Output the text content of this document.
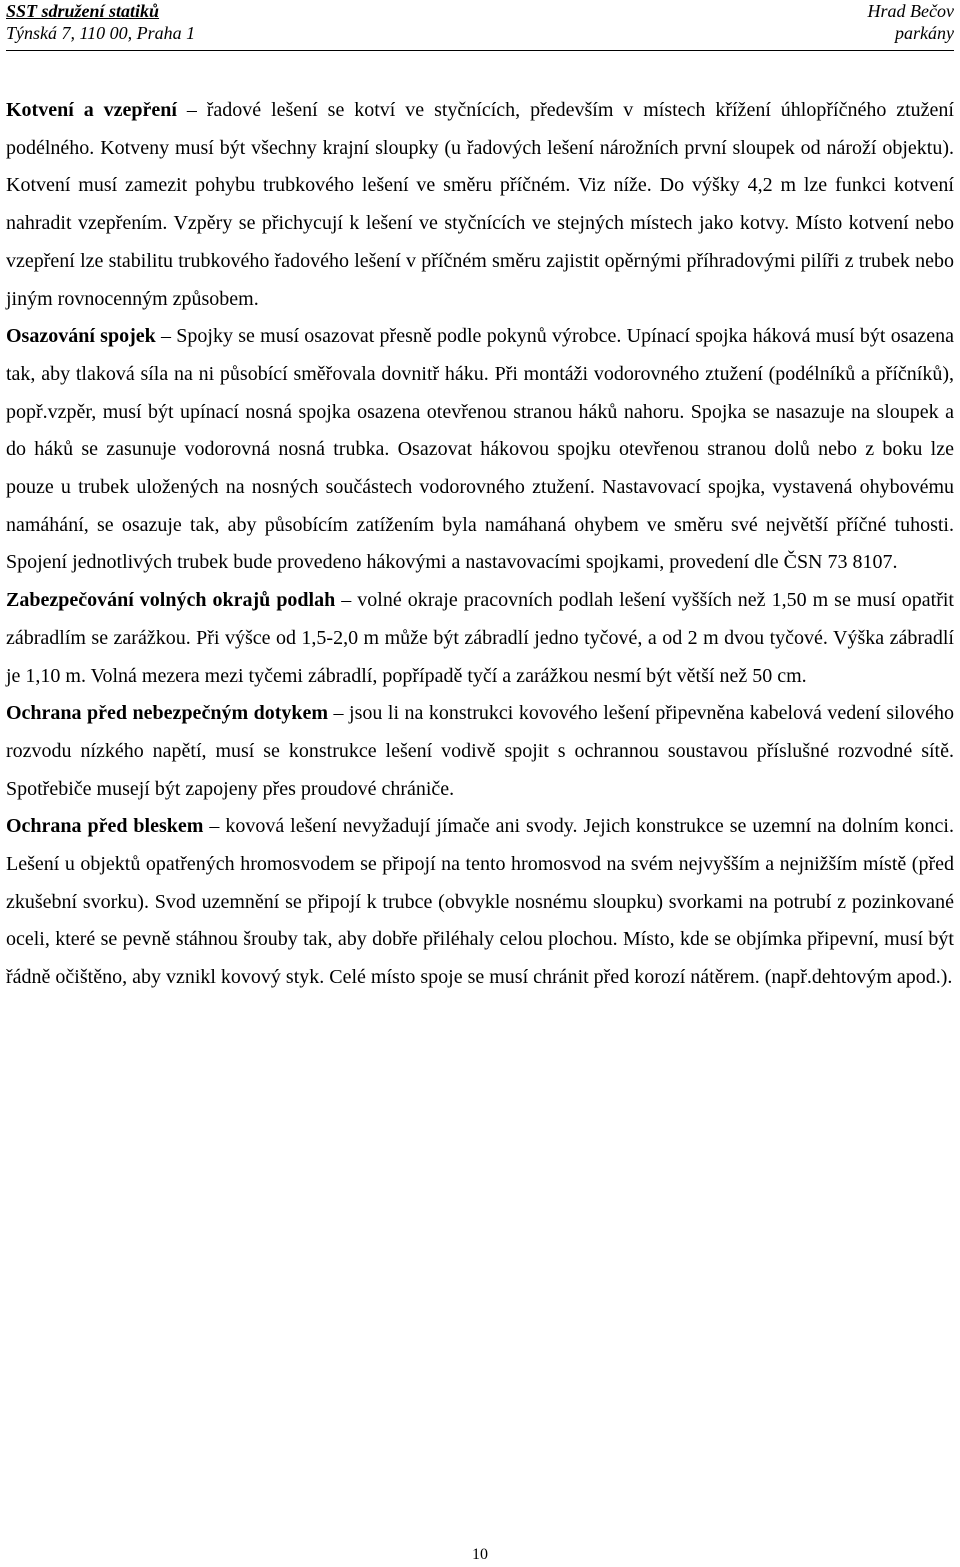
SST sdružení statiků
Týnská 7, 110 00, Praha 1
Hrad Bečov
parkány

Kotvení a vzepření – řadové lešení se kotví ve styčnících, především v místech křížení úhlopříčného ztužení podélného. Kotveny musí být všechny krajní sloupky (u řadových lešení nárožních první sloupek od nároží objektu). Kotvení musí zamezit pohybu trubkového lešení ve směru příčném. Viz níže. Do výšky 4,2 m lze funkci kotvení nahradit vzepřením. Vzpěry se přichycují k lešení ve styčnících ve stejných místech jako kotvy. Místo kotvení nebo vzepření lze stabilitu trubkového řadového lešení v příčném směru zajistit opěrnými příhradovými pilíři z trubek nebo jiným rovnocenným způsobem.

Osazování spojek – Spojky se musí osazovat přesně podle pokynů výrobce. Upínací spojka háková musí být osazena tak, aby tlaková síla na ni působící směřovala dovnitř háku. Při montáži vodorovného ztužení (podélníků a příčníků), popř.vzpěr, musí být upínací nosná spojka osazena otevřenou stranou háků nahoru. Spojka se nasazuje na sloupek a do háků se zasunuje vodorovná nosná trubka. Osazovat hákovou spojku otevřenou stranou dolů nebo z boku lze pouze u trubek uložených na nosných součástech vodorovného ztužení. Nastavovací spojka, vystavená ohybovému namáhání, se osazuje tak, aby působícím zatížením byla namáhaná ohybem ve směru své největší příčné tuhosti. Spojení jednotlivých trubek bude provedeno hákovými a nastavovacími spojkami, provedení dle ČSN 73 8107.

Zabezpečování volných okrajů podlah – volné okraje pracovních podlah lešení vyšších než 1,50 m se musí opatřit zábradlím se zarážkou. Při výšce od 1,5-2,0 m může být zábradlí jedno tyčové, a od 2 m dvou tyčové. Výška zábradlí je 1,10 m. Volná mezera mezi tyčemi zábradlí, popřípadě tyčí a zarážkou nesmí být větší než 50 cm.

Ochrana před nebezpečným dotykem – jsou li na konstrukci kovového lešení připevněna kabelová vedení silového rozvodu nízkého napětí, musí se konstrukce lešení vodivě spojit s ochrannou soustavou příslušné rozvodné sítě. Spotřebiče musejí být zapojeny přes proudové chrániče.

Ochrana před bleskem – kovová lešení nevyžadují jímače ani svody. Jejich konstrukce se uzemní na dolním konci. Lešení u objektů opatřených hromosvodem se připojí na tento hromosvod na svém nejvyšším a nejnižším místě (před zkušební svorku). Svod uzemnění se připojí k trubce (obvykle nosnému sloupku) svorkami na potrubí z pozinkované oceli, které se pevně stáhnou šrouby tak, aby dobře přiléhaly celou plochou. Místo, kde se objímka připevní, musí být řádně očištěno, aby vznikl kovový styk. Celé místo spoje se musí chránit před korozí nátěrem. (např.dehtovým apod.).

10
